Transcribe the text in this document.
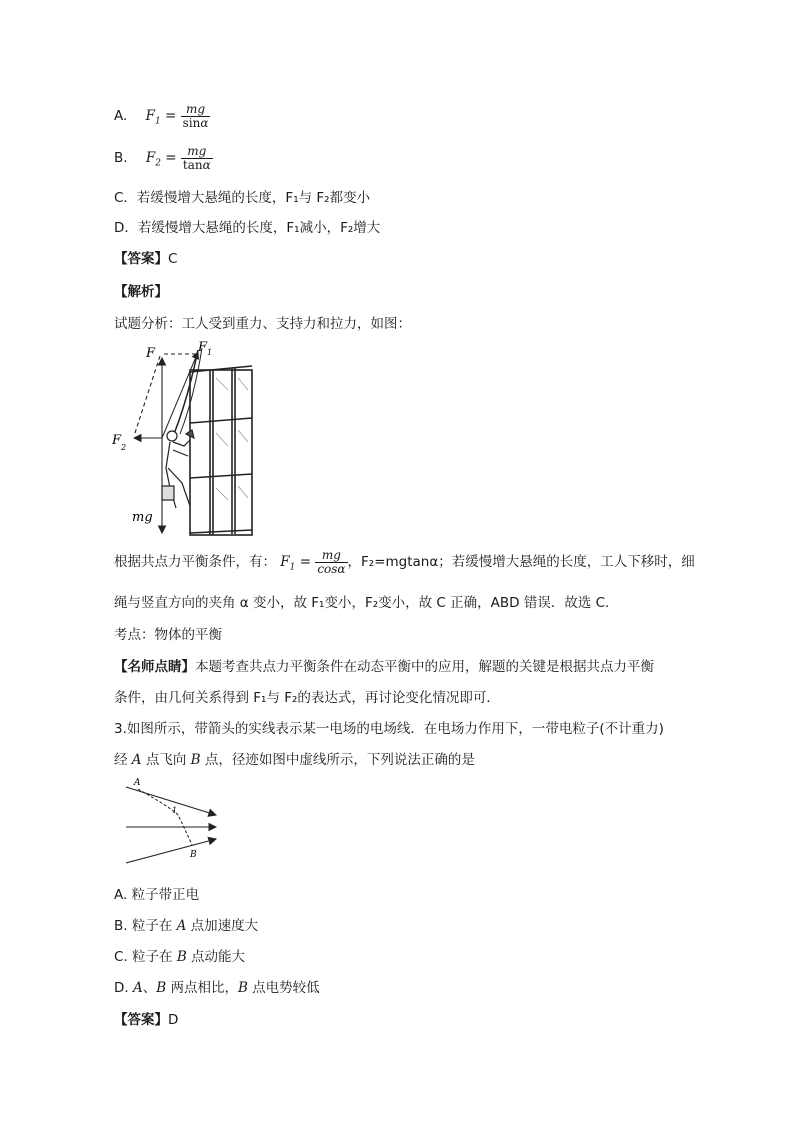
A. $F_1 = \frac{mg}{\sin\alpha}$
B. $F_2 = \frac{mg}{\tan\alpha}$
C．若缓慢增大悬绳的长度，F₁与 F₂都变小
D．若缓慢增大悬绳的长度，F₁减小，F₂增大
【答案】C
【解析】
试题分析：工人受到重力、支持力和拉力，如图：
F	$F_1$
$F_2$
mg
根据共点力平衡条件，有： $F_1 = \frac{mg}{\cos\alpha}$ ，F₂=mgtanα；若缓慢增大悬绳的长度，工人下移时，细
绳与竖直方向的夹角 α 变小，故 F₁变小，F₂变小，故 C 正确，ABD 错误．故选 C．
考点：物体的平衡
【名师点睛】本题考查共点力平衡条件在动态平衡中的应用，解题的关键是根据共点力平衡
条件，由几何关系得到 F₁与 F₂的表达式，再讨论变化情况即可．
3.如图所示，带箭头的实线表示某一电场的电场线．在电场力作用下，一带电粒子(不计重力)
经 A 点飞向 B 点，径迹如图中虚线所示，下列说法正确的是
A
1
B
A. 粒子带正电
B. 粒子在 A 点加速度大
C. 粒子在 B 点动能大
D. A、B 两点相比，B 点电势较低
【答案】D
